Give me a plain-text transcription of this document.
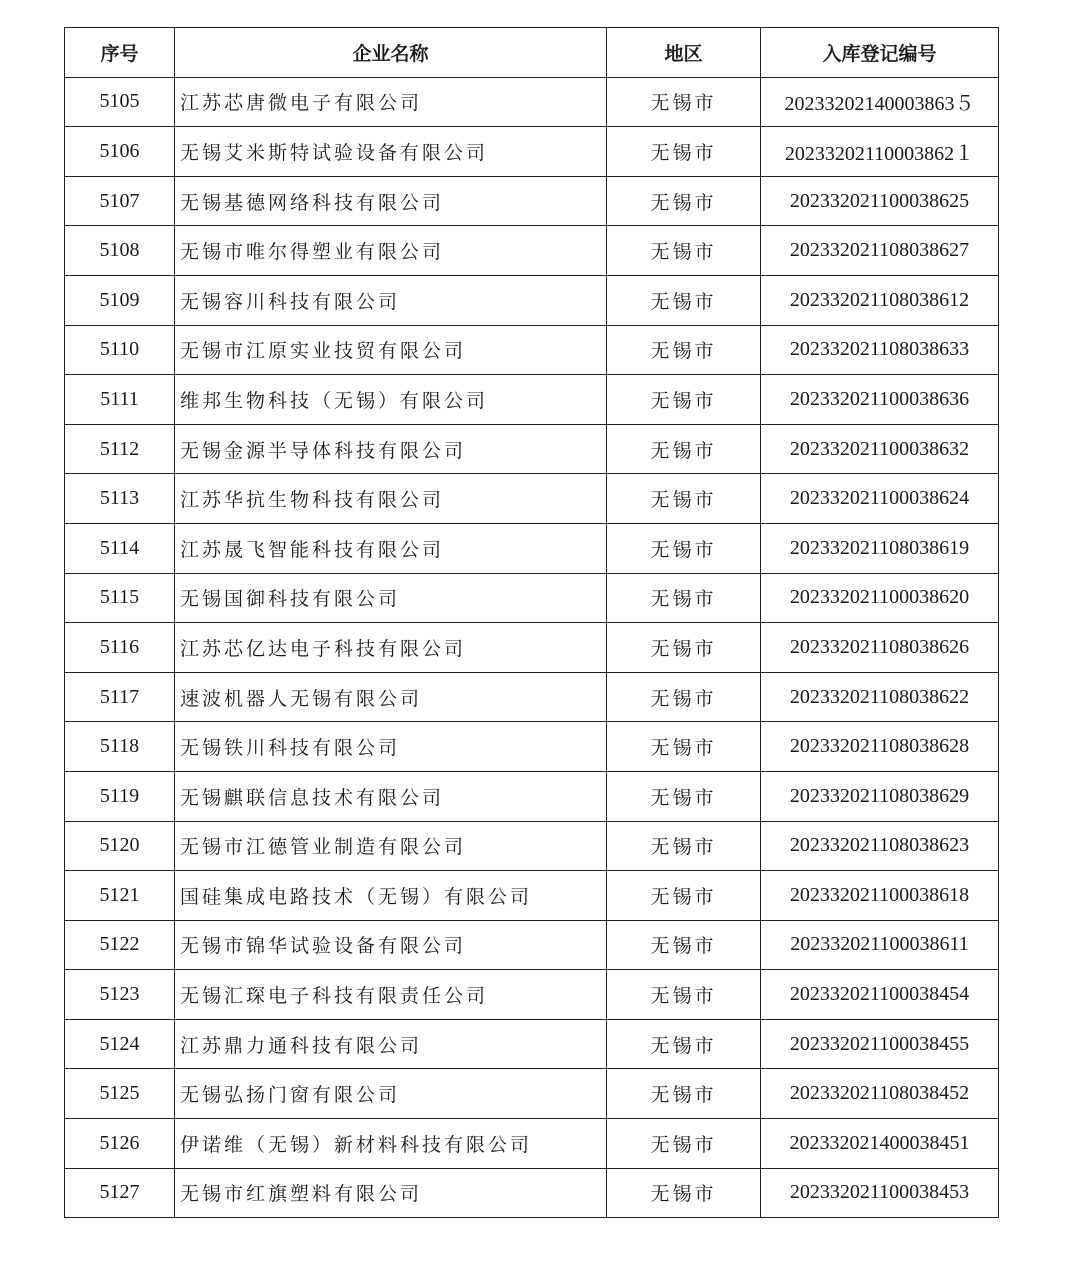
序号	企业名称	地区	入库登记编号
5105	江苏芯唐微电子有限公司	无锡市	20233202140003863５
5106	无锡艾米斯特试验设备有限公司	无锡市	20233202110003862１
5107	无锡基德网络科技有限公司	无锡市	202332021100038625
5108	无锡市唯尔得塑业有限公司	无锡市	202332021108038627
5109	无锡容川科技有限公司	无锡市	202332021108038612
5110	无锡市江原实业技贸有限公司	无锡市	202332021108038633
5111	维邦生物科技（无锡）有限公司	无锡市	202332021100038636
5112	无锡金源半导体科技有限公司	无锡市	202332021100038632
5113	江苏华抗生物科技有限公司	无锡市	202332021100038624
5114	江苏晟飞智能科技有限公司	无锡市	202332021108038619
5115	无锡国御科技有限公司	无锡市	202332021100038620
5116	江苏芯亿达电子科技有限公司	无锡市	202332021108038626
5117	速波机器人无锡有限公司	无锡市	202332021108038622
5118	无锡铁川科技有限公司	无锡市	202332021108038628
5119	无锡麒联信息技术有限公司	无锡市	202332021108038629
5120	无锡市江德管业制造有限公司	无锡市	202332021108038623
5121	国硅集成电路技术（无锡）有限公司	无锡市	202332021100038618
5122	无锡市锦华试验设备有限公司	无锡市	202332021100038611
5123	无锡汇琛电子科技有限责任公司	无锡市	202332021100038454
5124	江苏鼎力通科技有限公司	无锡市	202332021100038455
5125	无锡弘扬门窗有限公司	无锡市	202332021108038452
5126	伊诺维（无锡）新材料科技有限公司	无锡市	202332021400038451
5127	无锡市红旗塑料有限公司	无锡市	202332021100038453
